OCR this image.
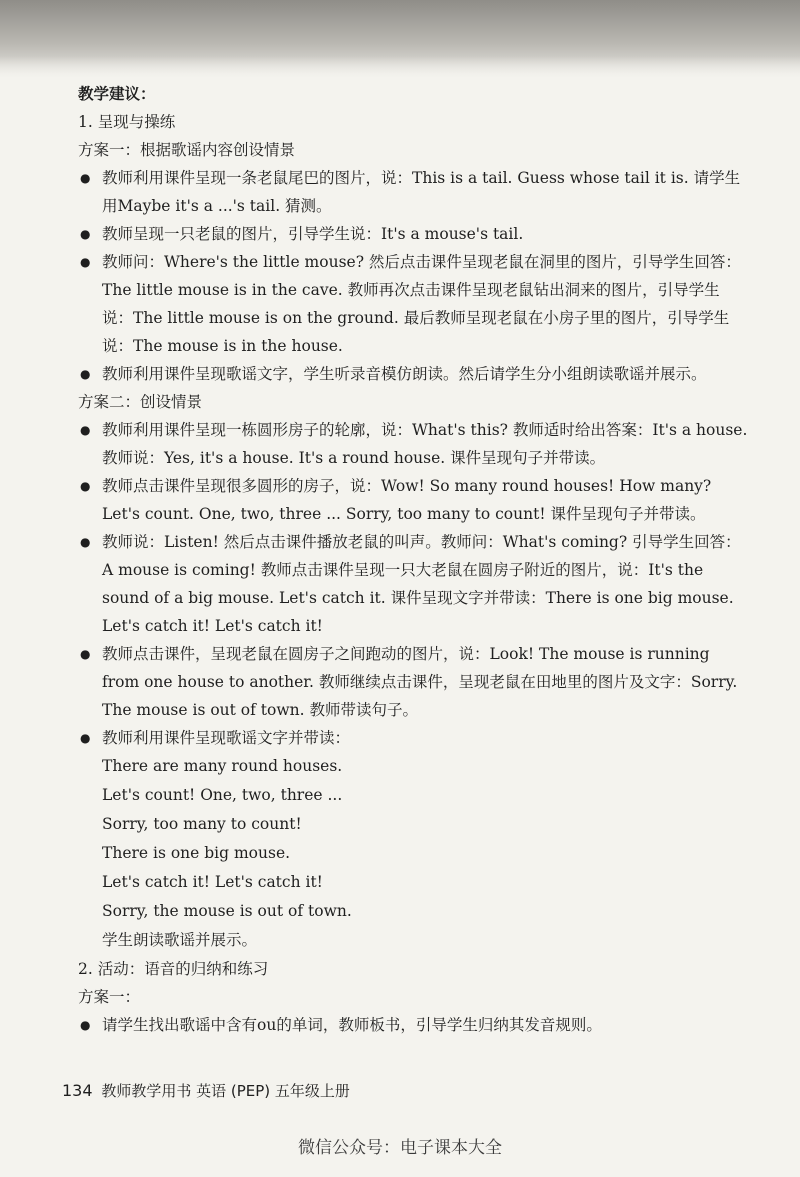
教学建议：

1. 呈现与操练

方案一：根据歌谣内容创设情景

● 教师利用课件呈现一条老鼠尾巴的图片，说：This is a tail. Guess whose tail it is. 请学生用Maybe it's a ...'s tail. 猜测。
● 教师呈现一只老鼠的图片，引导学生说：It's a mouse's tail.
● 教师问：Where's the little mouse? 然后点击课件呈现老鼠在洞里的图片，引导学生回答：The little mouse is in the cave. 教师再次点击课件呈现老鼠钻出洞来的图片，引导学生说：The little mouse is on the ground. 最后教师呈现老鼠在小房子里的图片，引导学生说：The mouse is in the house.
● 教师利用课件呈现歌谣文字，学生听录音模仿朗读。然后请学生分小组朗读歌谣并展示。

方案二：创设情景

● 教师利用课件呈现一栋圆形房子的轮廓，说：What's this? 教师适时给出答案：It's a house. 教师说：Yes, it's a house. It's a round house. 课件呈现句子并带读。
● 教师点击课件呈现很多圆形的房子，说：Wow! So many round houses! How many? Let's count. One, two, three ... Sorry, too many to count! 课件呈现句子并带读。
● 教师说：Listen! 然后点击课件播放老鼠的叫声。教师问：What's coming? 引导学生回答：A mouse is coming! 教师点击课件呈现一只大老鼠在圆房子附近的图片，说：It's the sound of a big mouse. Let's catch it. 课件呈现文字并带读：There is one big mouse. Let's catch it! Let's catch it!
● 教师点击课件，呈现老鼠在圆房子之间跑动的图片，说：Look! The mouse is running from one house to another. 教师继续点击课件，呈现老鼠在田地里的图片及文字：Sorry. The mouse is out of town. 教师带读句子。
● 教师利用课件呈现歌谣文字并带读：

There are many round houses.

Let's count! One, two, three ...

Sorry, too many to count!

There is one big mouse.

Let's catch it! Let's catch it!

Sorry, the mouse is out of town.

学生朗读歌谣并展示。

2. 活动：语音的归纳和练习

方案一：

● 请学生找出歌谣中含有ou的单词，教师板书，引导学生归纳其发音规则。
134 教师教学用书 英语 (PEP) 五年级上册
微信公众号：电子课本大全
